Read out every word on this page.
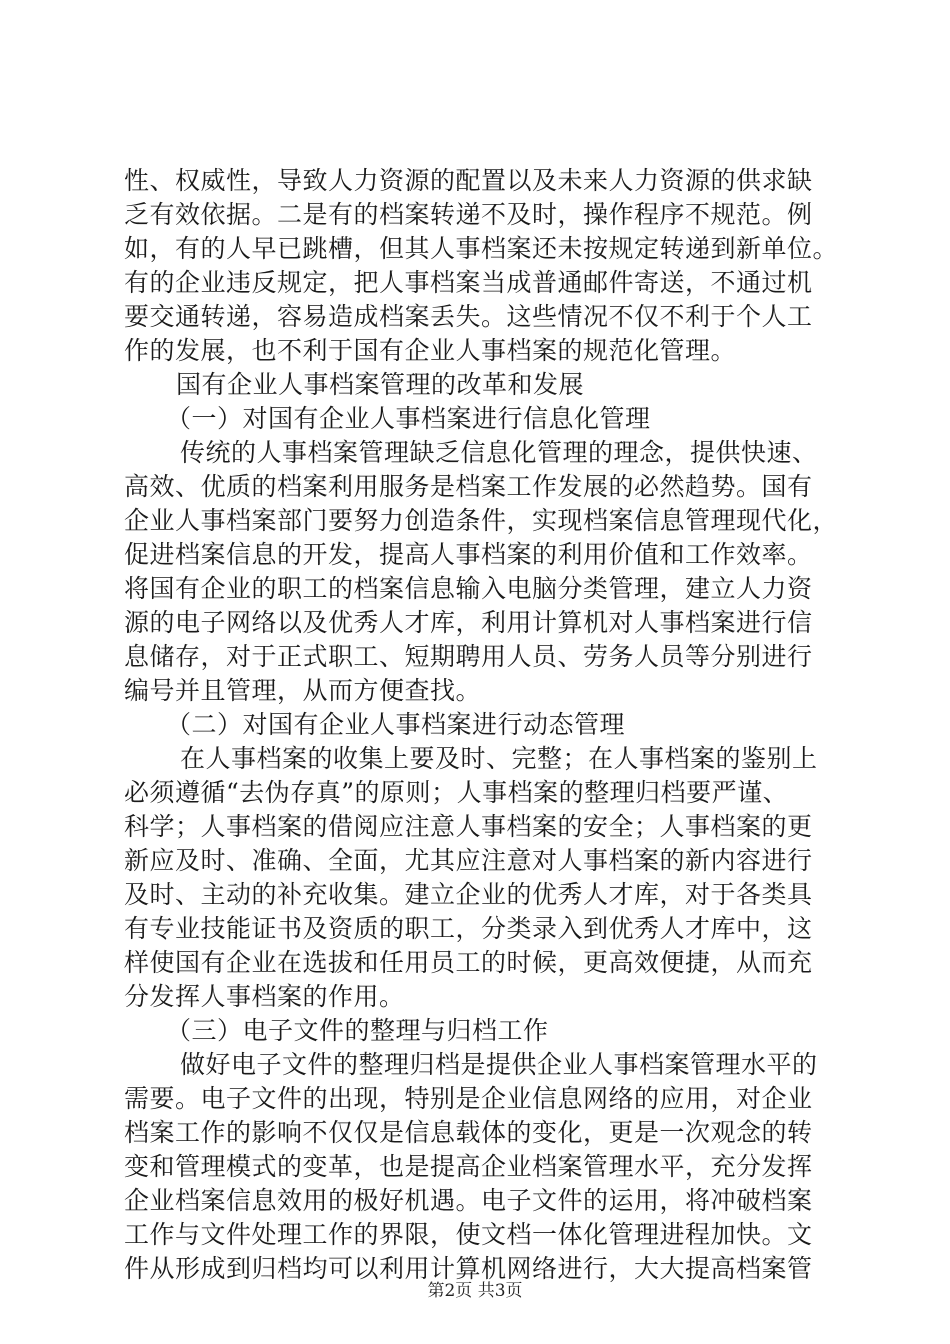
性、权威性，导致人力资源的配置以及未来人力资源的供求缺
乏有效依据。二是有的档案转递不及时，操作程序不规范。例
如，有的人早已跳槽，但其人事档案还未按规定转递到新单位。
有的企业违反规定，把人事档案当成普通邮件寄送，不通过机
要交通转递，容易造成档案丢失。这些情况不仅不利于个人工
作的发展，也不利于国有企业人事档案的规范化管理。
国有企业人事档案管理的改革和发展
（一）对国有企业人事档案进行信息化管理
传统的人事档案管理缺乏信息化管理的理念，提供快速、
高效、优质的档案利用服务是档案工作发展的必然趋势。国有
企业人事档案部门要努力创造条件，实现档案信息管理现代化，
促进档案信息的开发，提高人事档案的利用价值和工作效率。
将国有企业的职工的档案信息输入电脑分类管理，建立人力资
源的电子网络以及优秀人才库，利用计算机对人事档案进行信
息储存，对于正式职工、短期聘用人员、劳务人员等分别进行
编号并且管理，从而方便查找。
（二）对国有企业人事档案进行动态管理
在人事档案的收集上要及时、完整；在人事档案的鉴别上
必须遵循“去伪存真”的原则；人事档案的整理归档要严谨、
科学；人事档案的借阅应注意人事档案的安全；人事档案的更
新应及时、准确、全面，尤其应注意对人事档案的新内容进行
及时、主动的补充收集。建立企业的优秀人才库，对于各类具
有专业技能证书及资质的职工，分类录入到优秀人才库中，这
样使国有企业在选拔和任用员工的时候，更高效便捷，从而充
分发挥人事档案的作用。
（三）电子文件的整理与归档工作
做好电子文件的整理归档是提供企业人事档案管理水平的
需要。电子文件的出现，特别是企业信息网络的应用，对企业
档案工作的影响不仅仅是信息载体的变化，更是一次观念的转
变和管理模式的变革，也是提高企业档案管理水平，充分发挥
企业档案信息效用的极好机遇。电子文件的运用，将冲破档案
工作与文件处理工作的界限，使文档一体化管理进程加快。文
件从形成到归档均可以利用计算机网络进行，大大提高档案管
第2页 共3页
